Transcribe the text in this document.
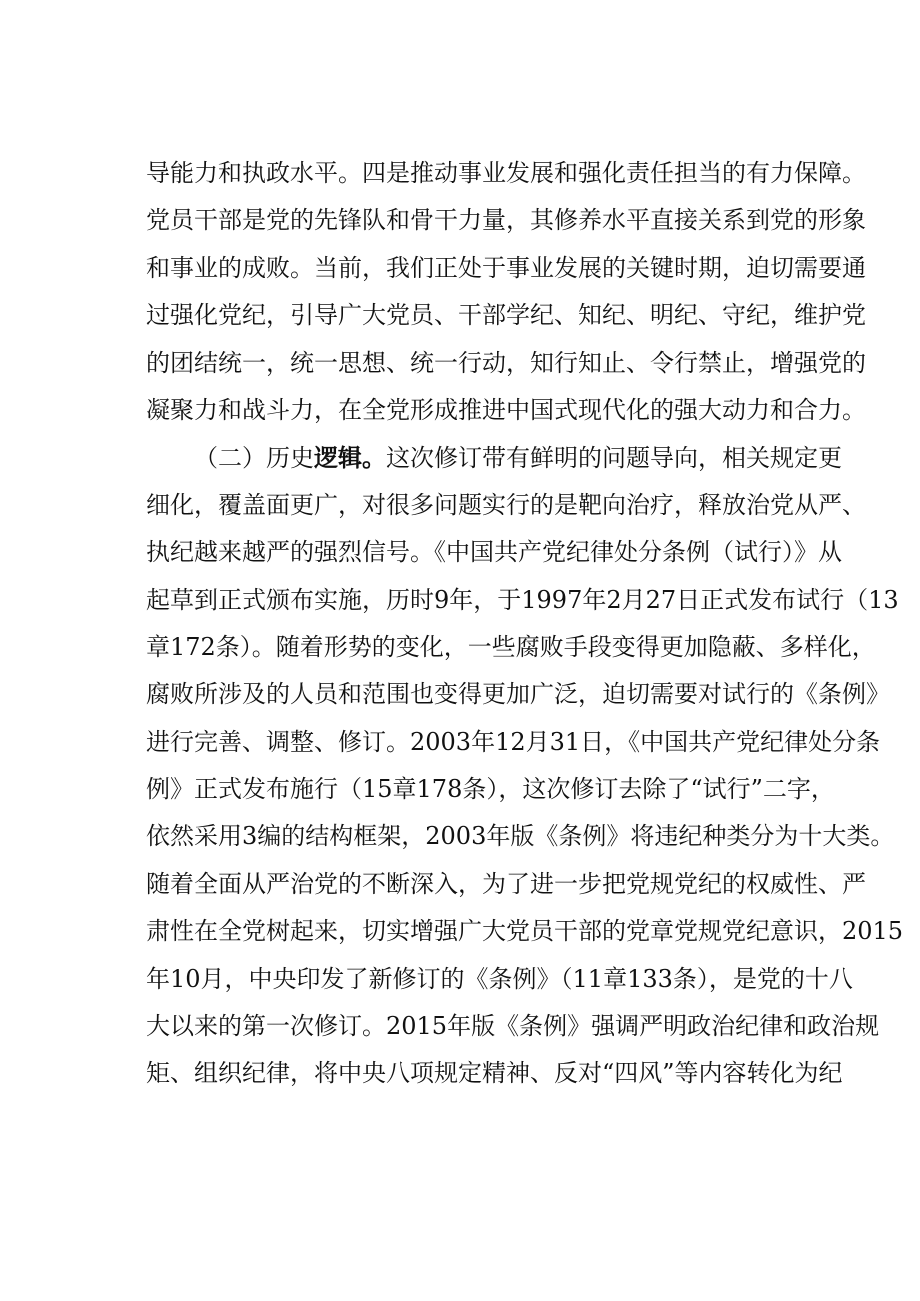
导能力和执政水平。四是推动事业发展和强化责任担当的有力保障。
党员干部是党的先锋队和骨干力量，其修养水平直接关系到党的形象
和事业的成败。当前，我们正处于事业发展的关键时期，迫切需要通
过强化党纪，引导广大党员、干部学纪、知纪、明纪、守纪，维护党
的团结统一，统一思想、统一行动，知行知止、令行禁止，增强党的
凝聚力和战斗力，在全党形成推进中国式现代化的强大动力和合力。
（二）历史逻辑。这次修订带有鲜明的问题导向，相关规定更
细化，覆盖面更广，对很多问题实行的是靶向治疗，释放治党从严、
执纪越来越严的强烈信号。《中国共产党纪律处分条例（试行）》从
起草到正式颁布实施，历时9年，于1997年2月27日正式发布试行（13
章172条）。随着形势的变化，一些腐败手段变得更加隐蔽、多样化，
腐败所涉及的人员和范围也变得更加广泛，迫切需要对试行的《条例》
进行完善、调整、修订。2003年12月31日，《中国共产党纪律处分条
例》正式发布施行（15章178条），这次修订去除了“试行”二字，
依然采用3编的结构框架，2003年版《条例》将违纪种类分为十大类。
随着全面从严治党的不断深入，为了进一步把党规党纪的权威性、严
肃性在全党树起来，切实增强广大党员干部的党章党规党纪意识，2015
年10月，中央印发了新修订的《条例》（11章133条），是党的十八
大以来的第一次修订。2015年版《条例》强调严明政治纪律和政治规
矩、组织纪律，将中央八项规定精神、反对“四风”等内容转化为纪
